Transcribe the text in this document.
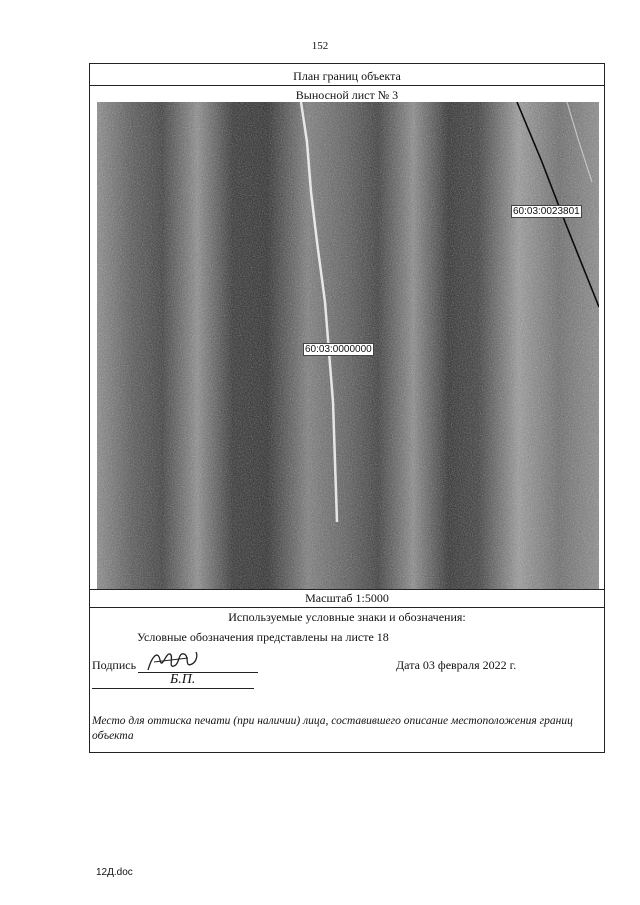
152
План границ объекта
Выносной лист № 3
60:03:0023801
60:03:0000000
Масштаб 1:5000
Используемые условные знаки и обозначения:
Условные обозначения представлены на листе 18
Подпись
Б.П.
Дата 03 февраля 2022 г.
Место для оттиска печати (при наличии) лица, составившего описание местоположения границ объекта
12Д.doc
